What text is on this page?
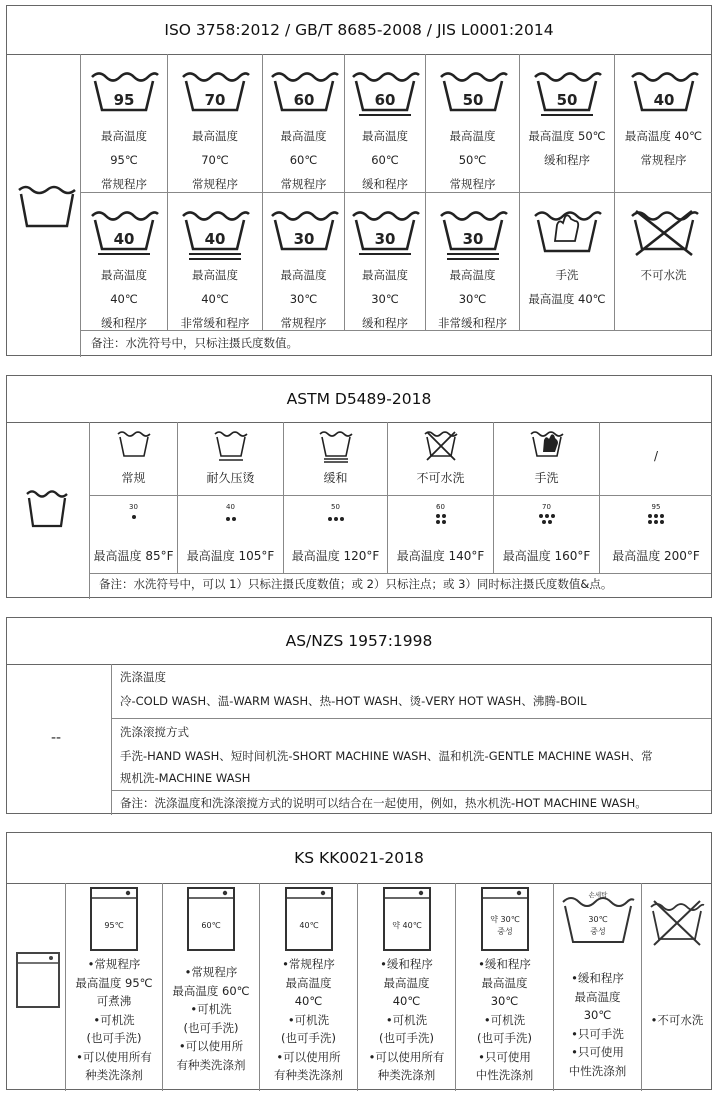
ISO 3758:2012 / GB/T 8685-2008 / JIS L0001:2014
95
最高温度
95℃
常规程序
70
最高温度
70℃
常规程序
60
最高温度
60℃
常规程序
60
最高温度
60℃
缓和程序
50
最高温度
50℃
常规程序
50
最高温度 50℃
缓和程序
40
最高温度 40℃
常规程序
40
最高温度
40℃
缓和程序
40
最高温度
40℃
非常缓和程序
30
最高温度
30℃
常规程序
30
最高温度
30℃
缓和程序
30
最高温度
30℃
非常缓和程序
手洗
最高温度 40℃
不可水洗
备注：水洗符号中，只标注摄氏度数值。
ASTM D5489-2018
常规
30
最高温度 85°F
耐久压烫
40
最高温度 105°F
缓和
50
最高温度 120°F
不可水洗
60
最高温度 140°F
手洗
70
最高温度 160°F
/
95
最高温度 200°F
备注：水洗符号中，可以 1）只标注摄氏度数值；或 2）只标注点；或 3）同时标注摄氏度数值&点。
AS/NZS 1957:1998
--
洗涤温度
冷-COLD WASH、温-WARM WASH、热-HOT WASH、烫-VERY HOT WASH、沸腾-BOIL
洗涤滚搅方式
手洗-HAND WASH、短时间机洗-SHORT MACHINE WASH、温和机洗-GENTLE MACHINE WASH、常
规机洗-MACHINE WASH
备注：洗涤温度和洗涤滚搅方式的说明可以结合在一起使用，例如，热水机洗-HOT MACHINE WASH。
KS KK0021-2018
95℃
•常规程序
最高温度 95℃
可煮沸
•可机洗
(也可手洗)
•可以使用所有
种类洗涤剂
60℃
•常规程序
最高温度 60℃
•可机洗
(也可手洗)
•可以使用所
有种类洗涤剂
40℃
•常规程序
最高温度
40℃
•可机洗
(也可手洗)
•可以使用所
有种类洗涤剂
약 40℃
•缓和程序
最高温度
40℃
•可机洗
(也可手洗)
•可以使用所有
种类洗涤剂
약 30℃
중성
•缓和程序
最高温度
30℃
•可机洗
(也可手洗)
•只可使用
中性洗涤剂
손세탁
30℃
중성
•缓和程序
最高温度
30℃
•只可手洗
•只可使用
中性洗涤剂
•不可水洗
